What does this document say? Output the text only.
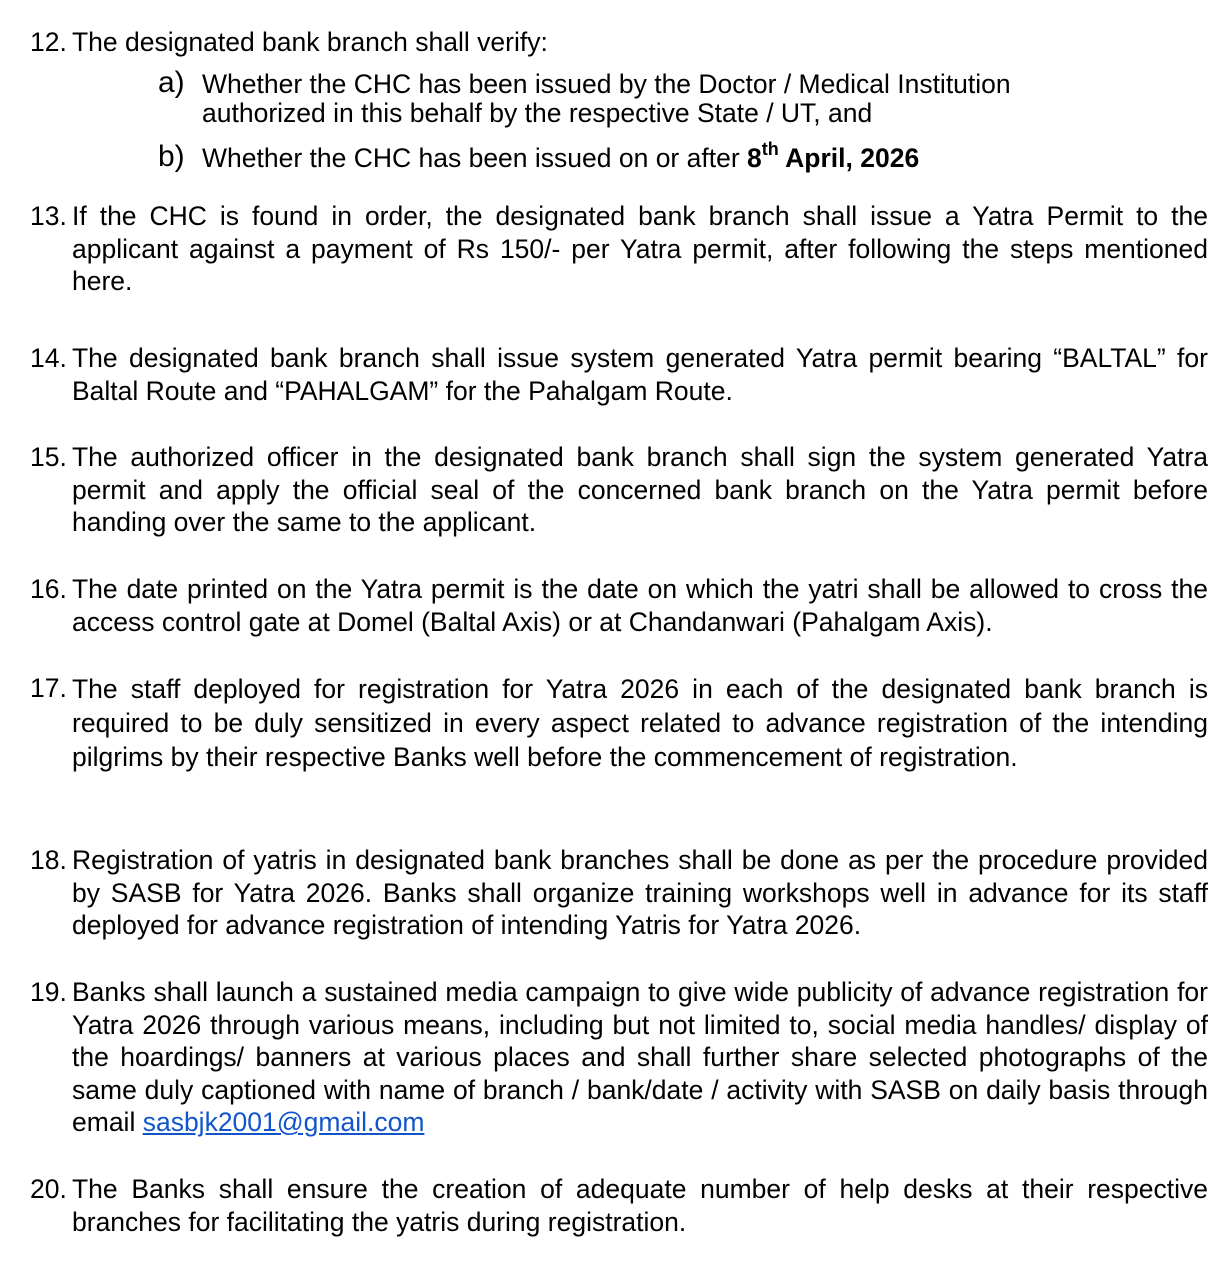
12. The designated bank branch shall verify:
a) Whether the CHC has been issued by the Doctor / Medical Institution authorized in this behalf by the respective State / UT, and
b) Whether the CHC has been issued on or after 8th April, 2026
13. If the CHC is found in order, the designated bank branch shall issue a Yatra Permit to the applicant against a payment of Rs 150/- per Yatra permit, after following the steps mentioned here.
14. The designated bank branch shall issue system generated Yatra permit bearing “BALTAL” for Baltal Route and “PAHALGAM” for the Pahalgam Route.
15. The authorized officer in the designated bank branch shall sign the system generated Yatra permit and apply the official seal of the concerned bank branch on the Yatra permit before handing over the same to the applicant.
16. The date printed on the Yatra permit is the date on which the yatri shall be allowed to cross the access control gate at Domel (Baltal Axis) or at Chandanwari (Pahalgam Axis).
17. The staff deployed for registration for Yatra 2026 in each of the designated bank branch is required to be duly sensitized in every aspect related to advance registration of the intending pilgrims by their respective Banks well before the commencement of registration.
18. Registration of yatris in designated bank branches shall be done as per the procedure provided by SASB for Yatra 2026. Banks shall organize training workshops well in advance for its staff deployed for advance registration of intending Yatris for Yatra 2026.
19. Banks shall launch a sustained media campaign to give wide publicity of advance registration for Yatra 2026 through various means, including but not limited to, social media handles/ display of the hoardings/ banners at various places and shall further share selected photographs of the same duly captioned with name of branch / bank/date / activity with SASB on daily basis through email sasbjk2001@gmail.com
20. The Banks shall ensure the creation of adequate number of help desks at their respective branches for facilitating the yatris during registration.
